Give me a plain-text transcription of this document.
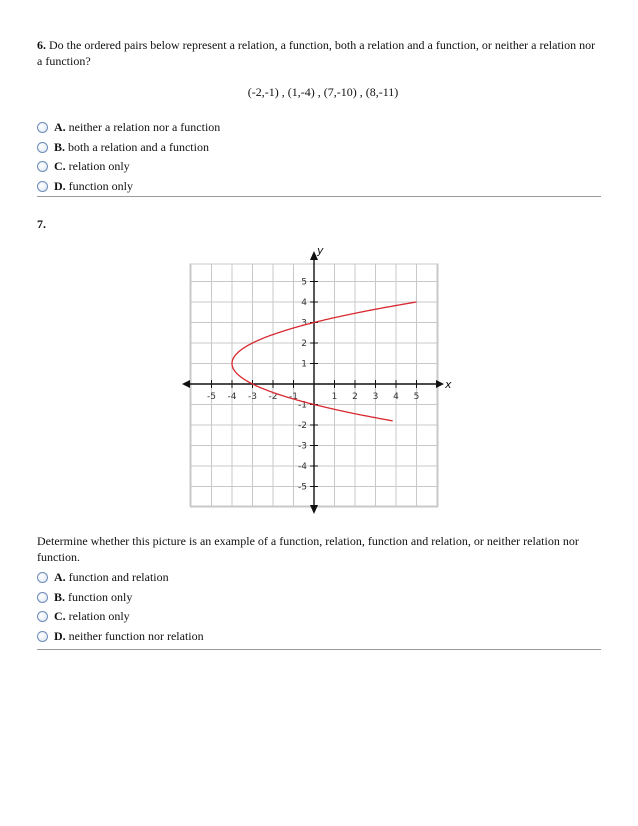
6. Do the ordered pairs below represent a relation, a function, both a relation and a function, or neither a relation nor a function?

(-2,-1) , (1,-4) , (7,-10) , (8,-11)
A. neither a relation nor a function
B. both a relation and a function
C. relation only
D. function only
7.
x
y
-5 -4 -3 -2 -1	1 2 3 4 5
5
4
3
2
1
-1
-2
-3
-4
-5

Determine whether this picture is an example of a function, relation, function and relation, or neither relation nor function.

A. function and relation
B. function only
C. relation only
D. neither function nor relation
